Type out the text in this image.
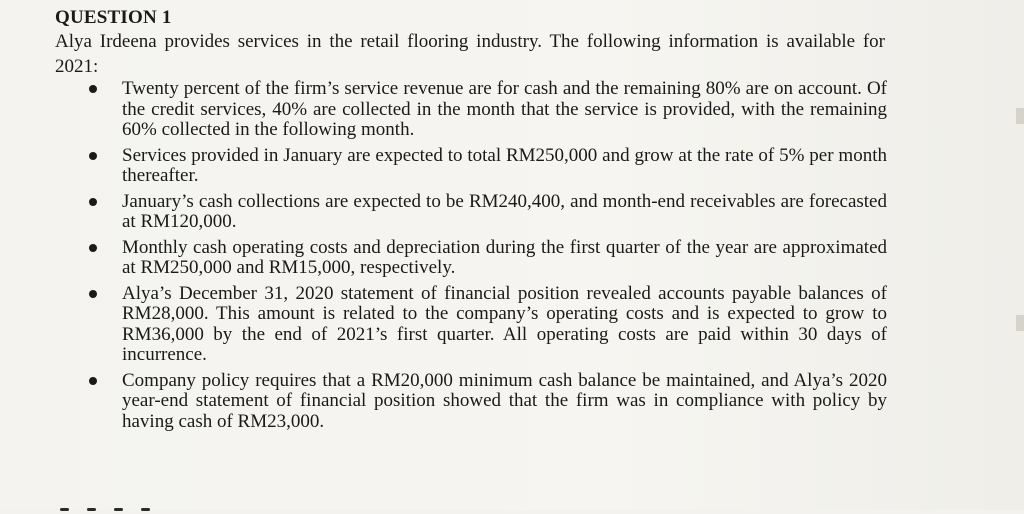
QUESTION 1
Alya Irdeena provides services in the retail flooring industry. The following information is available for 2021:
Twenty percent of the firm’s service revenue are for cash and the remaining 80% are on account. Of the credit services, 40% are collected in the month that the service is provided, with the remaining 60% collected in the following month.
Services provided in January are expected to total RM250,000 and grow at the rate of 5% per month thereafter.
January’s cash collections are expected to be RM240,400, and month-end receivables are forecasted at RM120,000.
Monthly cash operating costs and depreciation during the first quarter of the year are approximated at RM250,000 and RM15,000, respectively.
Alya’s December 31, 2020 statement of financial position revealed accounts payable balances of RM28,000. This amount is related to the company’s operating costs and is expected to grow to RM36,000 by the end of 2021’s first quarter. All operating costs are paid within 30 days of incurrence.
Company policy requires that a RM20,000 minimum cash balance be maintained, and Alya’s 2020 year-end statement of financial position showed that the firm was in compliance with policy by having cash of RM23,000.
